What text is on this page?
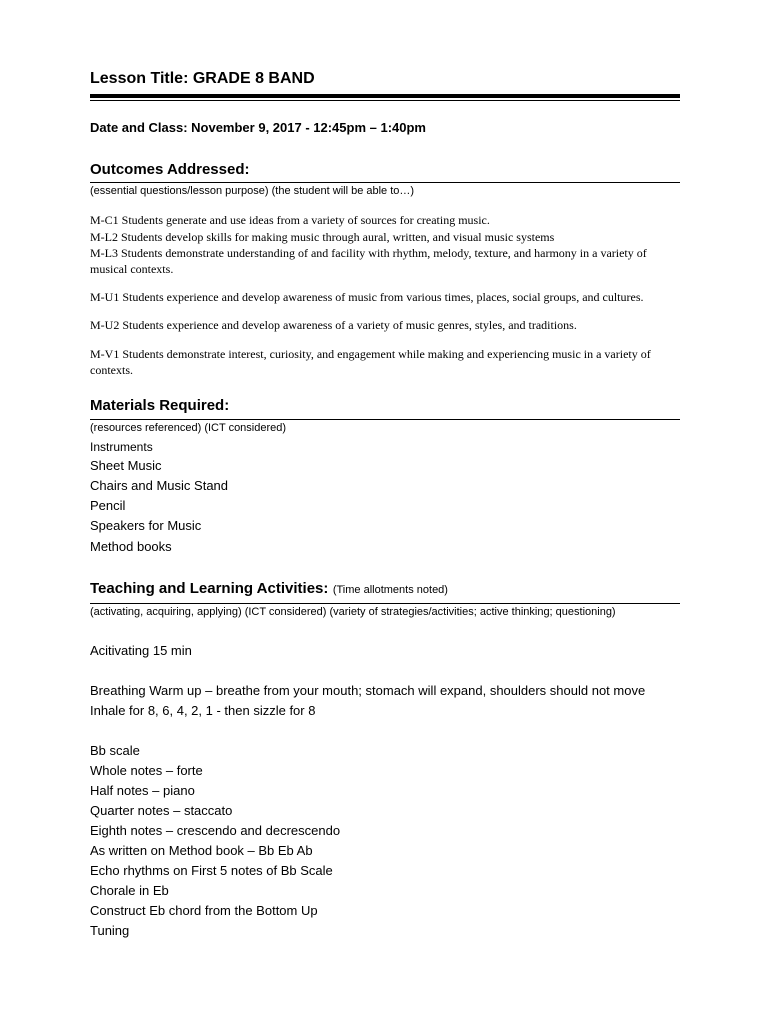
Lesson Title: GRADE 8 BAND
Date and Class: November 9, 2017 - 12:45pm – 1:40pm
Outcomes Addressed:
(essential questions/lesson purpose) (the student will be able to…)
M-C1 Students generate and use ideas from a variety of sources for creating music.
M-L2 Students develop skills for making music through aural, written, and visual music systems
M-L3 Students demonstrate understanding of and facility with rhythm, melody, texture, and harmony in a variety of
musical contexts.
M-U1 Students experience and develop awareness of music from various times, places, social groups, and cultures.
M-U2 Students experience and develop awareness of a variety of music genres, styles, and traditions.
M-V1 Students demonstrate interest, curiosity, and engagement while making and experiencing music in a variety of
contexts.
Materials Required:
(resources referenced) (ICT considered)
Instruments
Sheet Music
Chairs and Music Stand
Pencil
Speakers for Music
Method books
Teaching and Learning Activities: (Time allotments noted)
(activating, acquiring, applying) (ICT considered) (variety of strategies/activities; active thinking; questioning)
Acitivating 15 min
Breathing Warm up – breathe from your mouth; stomach will expand, shoulders should not move
Inhale for 8, 6, 4, 2, 1 - then sizzle for 8
Bb scale
Whole notes – forte
Half notes – piano
Quarter notes – staccato
Eighth notes – crescendo and decrescendo
As written on Method book – Bb Eb Ab
Echo rhythms on First 5 notes of Bb Scale
Chorale in Eb
Construct Eb chord from the Bottom Up
Tuning
